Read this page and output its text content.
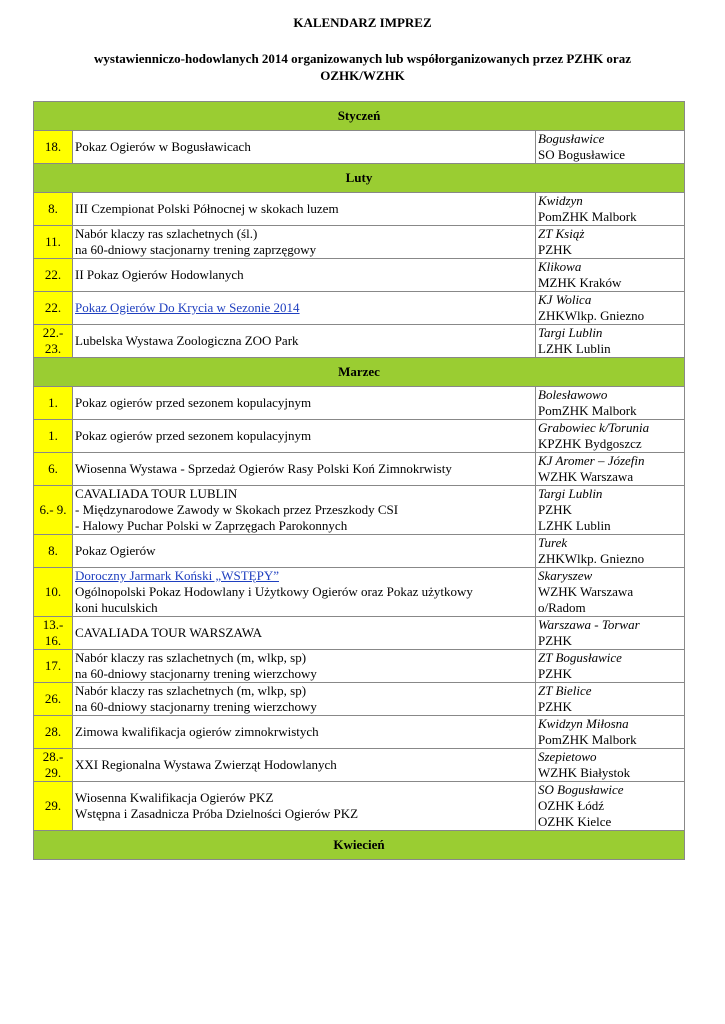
KALENDARZ IMPREZ
wystawienniczo-hodowlanych 2014 organizowanych lub współorganizowanych przez PZHK oraz
OZHK/WZHK
Styczeń		
18.	Pokaz Ogierów w Bogusławicach	Bogusławice
SO Bogusławice

Luty		
8.	III Czempionat Polski Północnej w skokach luzem	Kwidzyn
PomZHK Malbork

11.	Nabór klaczy ras szlachetnych (śl.)
na 60-dniowy stacjonarny trening zaprzęgowy	ZT Książ
PZHK

22.	II Pokaz Ogierów Hodowlanych	Klikowa
MZHK Kraków

22.	Pokaz Ogierów Do Krycia w Sezonie 2014	KJ Wolica
ZHKWlkp. Gniezno

22.- 23.	Lubelska Wystawa Zoologiczna ZOO Park	Targi Lublin
LZHK Lublin

Marzec		
1.	Pokaz ogierów przed sezonem kopulacyjnym	Bolesławowo
PomZHK Malbork

1.	Pokaz ogierów przed sezonem kopulacyjnym	Grabowiec k/Torunia
KPZHK Bydgoszcz

6.	Wiosenna Wystawa - Sprzedaż Ogierów Rasy Polski Koń Zimnokrwisty	KJ Aromer – Józefin
WZHK Warszawa

6.- 9.	CAVALIADA TOUR LUBLIN
- Międzynarodowe Zawody w Skokach przez Przeszkody CSI
- Halowy Puchar Polski w Zaprzęgach Parokonnych	Targi Lublin
PZHK
LZHK Lublin

8.	Pokaz Ogierów	Turek
ZHKWlkp. Gniezno

10.	Doroczny Jarmark Koński „WSTĘPY”
Ogólnopolski Pokaz Hodowlany i Użytkowy Ogierów oraz Pokaz użytkowy
koni huculskich	Skaryszew
WZHK Warszawa
o/Radom

13.- 16.	CAVALIADA TOUR WARSZAWA	Warszawa - Torwar
PZHK

17.	Nabór klaczy ras szlachetnych (m, wlkp, sp)
na 60-dniowy stacjonarny trening wierzchowy	ZT Bogusławice
PZHK

26.	Nabór klaczy ras szlachetnych (m, wlkp, sp)
na 60-dniowy stacjonarny trening wierzchowy	ZT Bielice
PZHK

28.	Zimowa kwalifikacja ogierów zimnokrwistych	Kwidzyn Miłosna
PomZHK Malbork

28.- 29.	XXI Regionalna Wystawa Zwierząt Hodowlanych	Szepietowo
WZHK Białystok

29.	Wiosenna Kwalifikacja Ogierów PKZ
Wstępna i Zasadnicza Próba Dzielności Ogierów PKZ	SO Bogusławice
OZHK Łódź
OZHK Kielce

Kwiecień		
